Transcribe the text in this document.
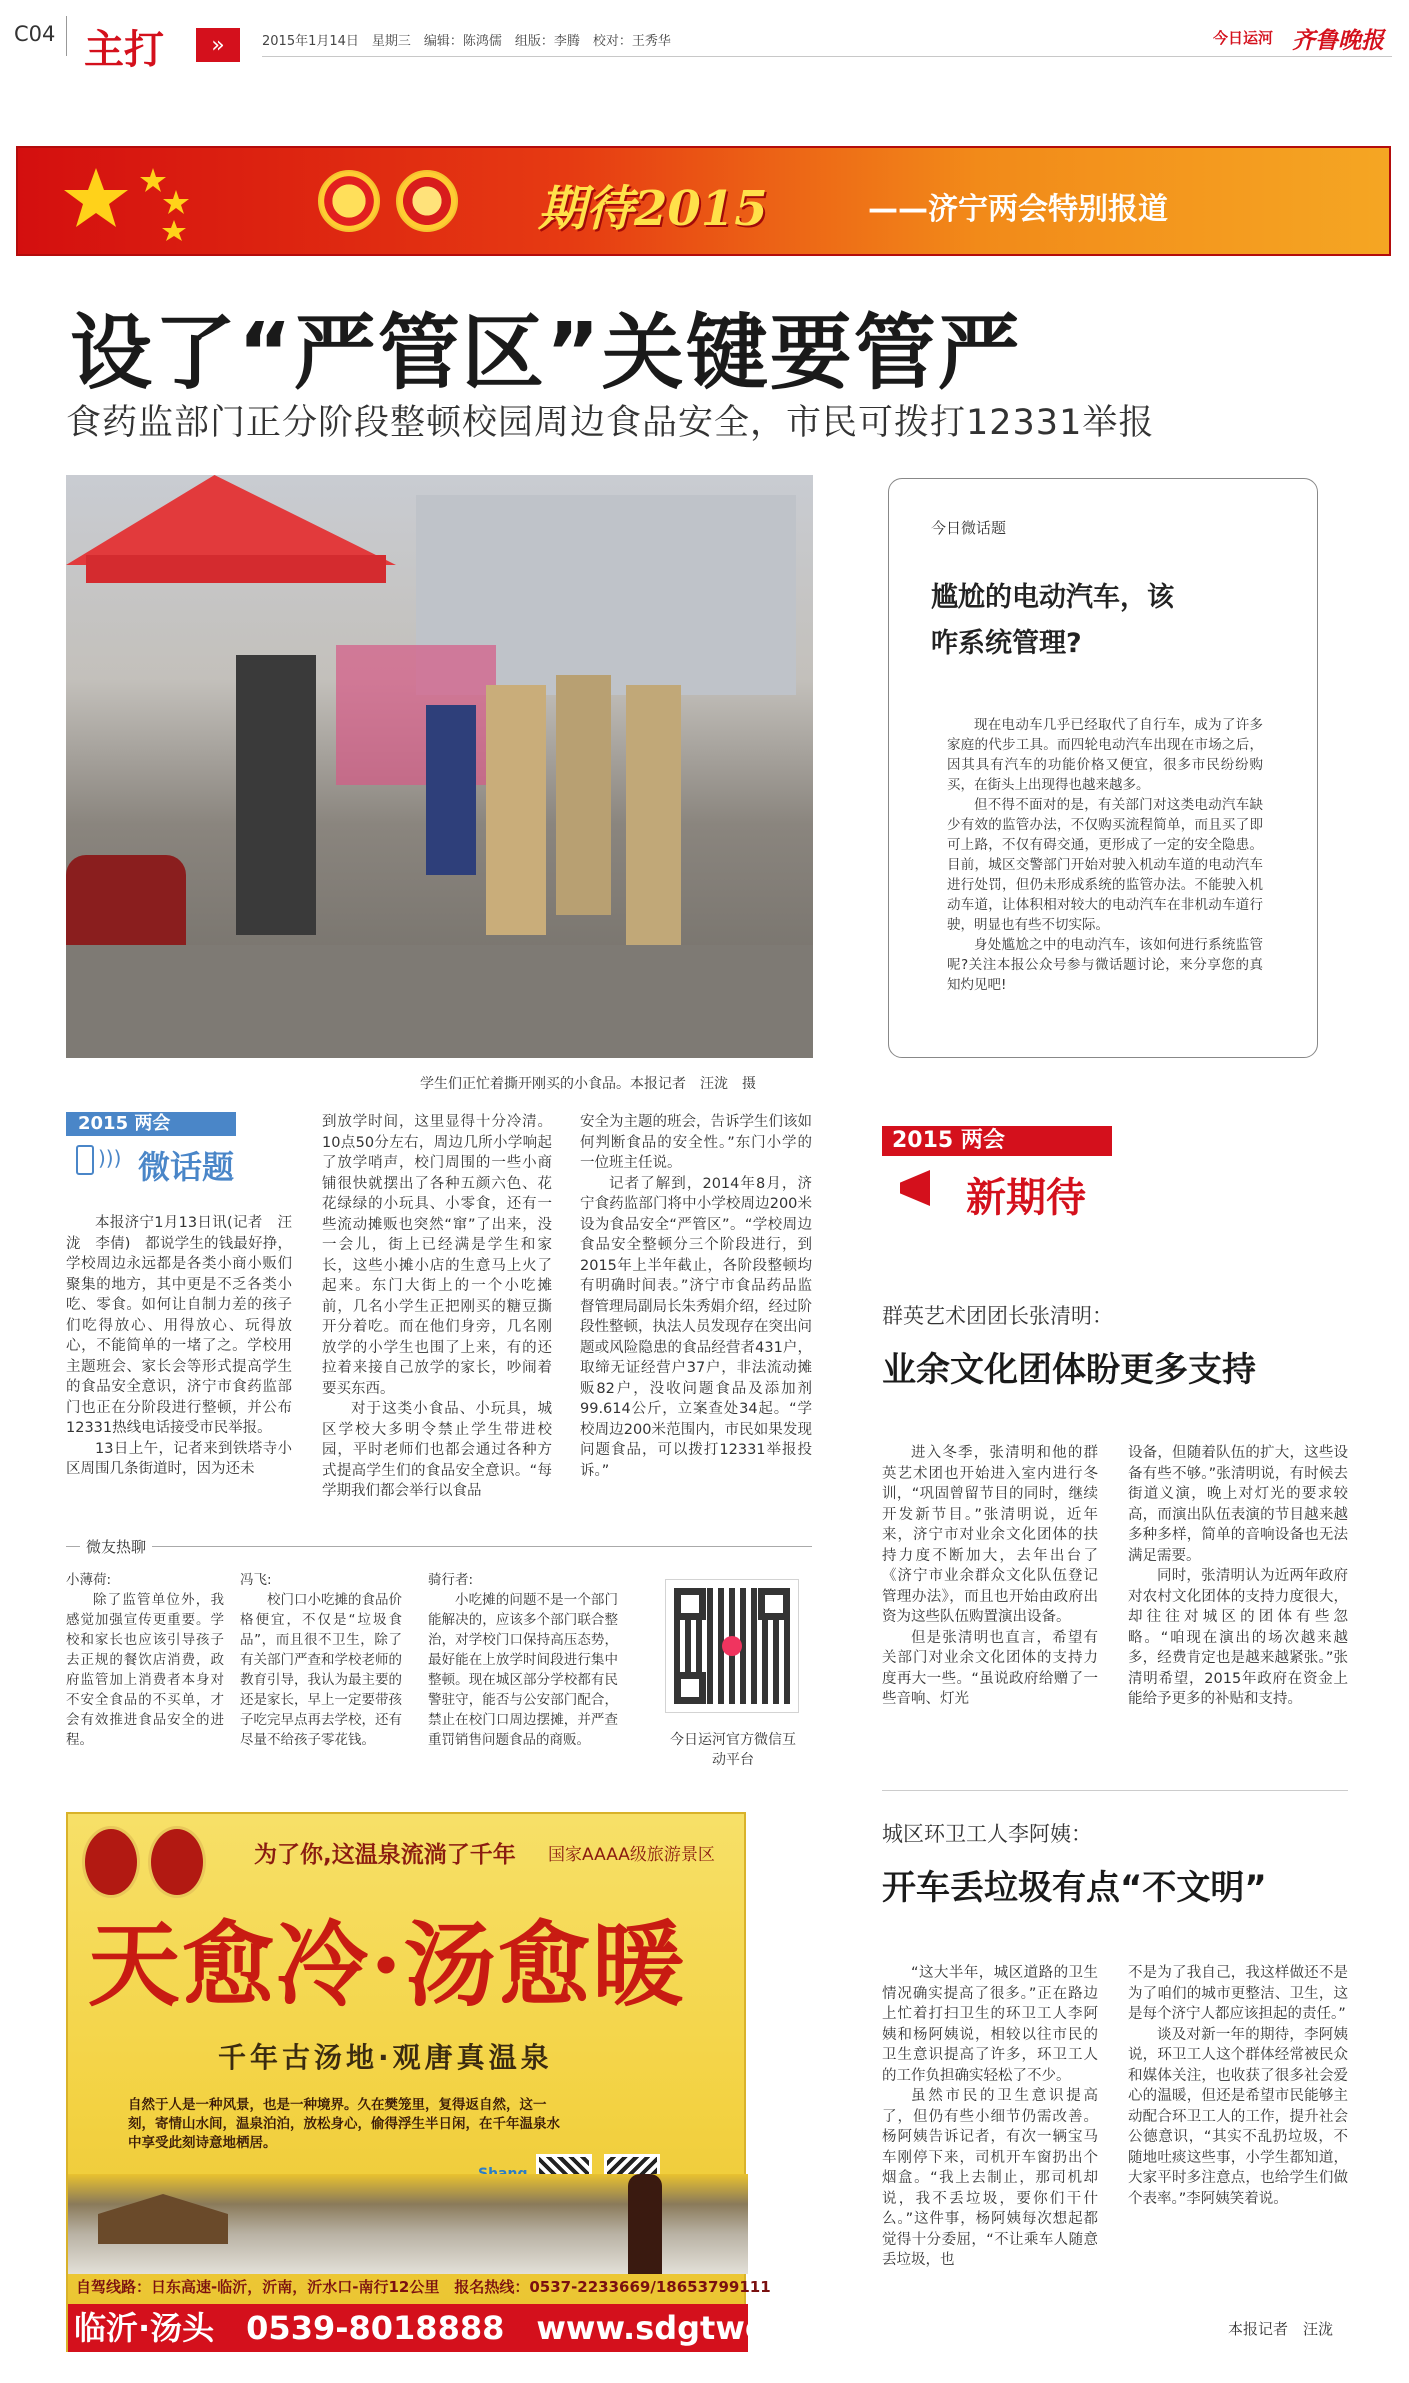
C04 主打	»	2015年1月14日　星期三　编辑：陈鸿儒　组版：李腾　校对：王秀华	今日运河 齐鲁晚报
期待2015	——济宁两会特别报道
设了“严管区”关键要管严
食药监部门正分阶段整顿校园周边食品安全，市民可拨打12331举报
学生们正忙着撕开刚买的小食品。本报记者　汪泷　摄
2015 两会
))) 微话题

本报济宁1月13日讯(记者　汪泷　李倩)　都说学生的钱最好挣，学校周边永远都是各类小商小贩们聚集的地方，其中更是不乏各类小吃、零食。如何让自制力差的孩子们吃得放心、用得放心、玩得放心，不能简单的一堵了之。学校用主题班会、家长会等形式提高学生的食品安全意识，济宁市食药监部门也正在分阶段进行整顿，并公布12331热线电话接受市民举报。

13日上午，记者来到铁塔寺小区周围几条街道时，因为还未

到放学时间，这里显得十分冷清。10点50分左右，周边几所小学响起了放学哨声，校门周围的一些小商铺很快就摆出了各种五颜六色、花花绿绿的小玩具、小零食，还有一些流动摊贩也突然“窜”了出来，没一会儿，街上已经满是学生和家长，这些小摊小店的生意马上火了起来。东门大街上的一个小吃摊前，几名小学生正把刚买的糖豆撕开分着吃。而在他们身旁，几名刚放学的小学生也围了上来，有的还拉着来接自己放学的家长，吵闹着要买东西。

对于这类小食品、小玩具，城区学校大多明令禁止学生带进校园，平时老师们也都会通过各种方式提高学生们的食品安全意识。“每学期我们都会举行以食品

安全为主题的班会，告诉学生们该如何判断食品的安全性。”东门小学的一位班主任说。

记者了解到，2014年8月，济宁食药监部门将中小学校周边200米设为食品安全“严管区”。“学校周边食品安全整顿分三个阶段进行，到2015年上半年截止，各阶段整顿均有明确时间表。”济宁市食品药品监督管理局副局长朱秀娟介绍，经过阶段性整顿，执法人员发现存在突出问题或风险隐患的食品经营者431户，取缔无证经营户37户，非法流动摊贩82户，没收问题食品及添加剂99.614公斤，立案查处34起。“学校周边200米范围内，市民如果发现问题食品，可以拨打12331举报投诉。”

微友热聊
小薄荷:

除了监管单位外，我感觉加强宣传更重要。学校和家长也应该引导孩子去正规的餐饮店消费，政府监管加上消费者本身对不安全食品的不买单，才会有效推进食品安全的进程。

冯飞:

校门口小吃摊的食品价格便宜，不仅是“垃圾食品”，而且很不卫生，除了有关部门严查和学校老师的教育引导，我认为最主要的还是家长，早上一定要带孩子吃完早点再去学校，还有尽量不给孩子零花钱。

骑行者:

小吃摊的问题不是一个部门能解决的，应该多个部门联合整治，对学校门口保持高压态势，最好能在上放学时间段进行集中整顿。现在城区部分学校都有民警驻守，能否与公安部门配合，禁止在校门口周边摆摊，并严查重罚销售问题食品的商贩。	今日运河官方微信互动平台
为了你,这温泉流淌了千年 国家AAAA级旅游景区
天愈冷·汤愈暖
千年古汤地·观唐真温泉
自然于人是一种风景，也是一种境界。久在樊笼里，复得返自然，这一刻，寄情山水间，温泉泊泊，放松身心，偷得浮生半日闲，在千年温泉水中享受此刻诗意地栖居。
自驾线路：日东高速-临沂，沂南，沂水口-南行12公里　报名热线：0537-2233669/18653799111
临沂·汤头　0539-8018888　www.sdgtwq.com
今日微话题
尴尬的电动汽车，该咋系统管理?

现在电动车几乎已经取代了自行车，成为了许多家庭的代步工具。而四轮电动汽车出现在市场之后，因其具有汽车的功能价格又便宜，很多市民纷纷购买，在街头上出现得也越来越多。

但不得不面对的是，有关部门对这类电动汽车缺少有效的监管办法，不仅购买流程简单，而且买了即可上路，不仅有碍交通，更形成了一定的安全隐患。目前，城区交警部门开始对驶入机动车道的电动汽车进行处罚，但仍未形成系统的监管办法。不能驶入机动车道，让体积相对较大的电动汽车在非机动车道行驶，明显也有些不切实际。

身处尴尬之中的电动汽车，该如何进行系统监管呢?关注本报公众号参与微话题讨论，来分享您的真知灼见吧!

2015 两会
新期待
群英艺术团团长张清明：
业余文化团体盼更多支持

进入冬季，张清明和他的群英艺术团也开始进入室内进行冬训，“巩固曾留节目的同时，继续开发新节目。”张清明说，近年来，济宁市对业余文化团体的扶持力度不断加大，去年出台了《济宁市业余群众文化队伍登记管理办法》，而且也开始由政府出资为这些队伍购置演出设备。

但是张清明也直言，希望有关部门对业余文化团体的支持力度再大一些。“虽说政府给赠了一些音响、灯光

设备，但随着队伍的扩大，这些设备有些不够。”张清明说，有时候去街道义演，晚上对灯光的要求较高，而演出队伍表演的节目越来越多种多样，简单的音响设备也无法满足需要。

同时，张清明认为近两年政府对农村文化团体的支持力度很大，却往往对城区的团体有些忽略。“咱现在演出的场次越来越多，经费肯定也是越来越紧张。”张清明希望，2015年政府在资金上能给予更多的补贴和支持。

城区环卫工人李阿姨：
开车丢垃圾有点“不文明”

“这大半年，城区道路的卫生情况确实提高了很多。”正在路边上忙着打扫卫生的环卫工人李阿姨和杨阿姨说，相较以往市民的卫生意识提高了许多，环卫工人的工作负担确实轻松了不少。

虽然市民的卫生意识提高了，但仍有些小细节仍需改善。杨阿姨告诉记者，有次一辆宝马车刚停下来，司机开车窗扔出个烟盒。“我上去制止，那司机却说，我不丢垃圾，要你们干什么。”这件事，杨阿姨每次想起都觉得十分委屈，“不让乘车人随意丢垃圾，也

不是为了我自己，我这样做还不是为了咱们的城市更整洁、卫生，这是每个济宁人都应该担起的责任。”

谈及对新一年的期待，李阿姨说，环卫工人这个群体经常被民众和媒体关注，也收获了很多社会爱心的温暖，但还是希望市民能够主动配合环卫工人的工作，提升社会公德意识，“其实不乱扔垃圾，不随地吐痰这些事，小学生都知道，大家平时多注意点，也给学生们做个表率。”李阿姨笑着说。

本报记者　汪泷
